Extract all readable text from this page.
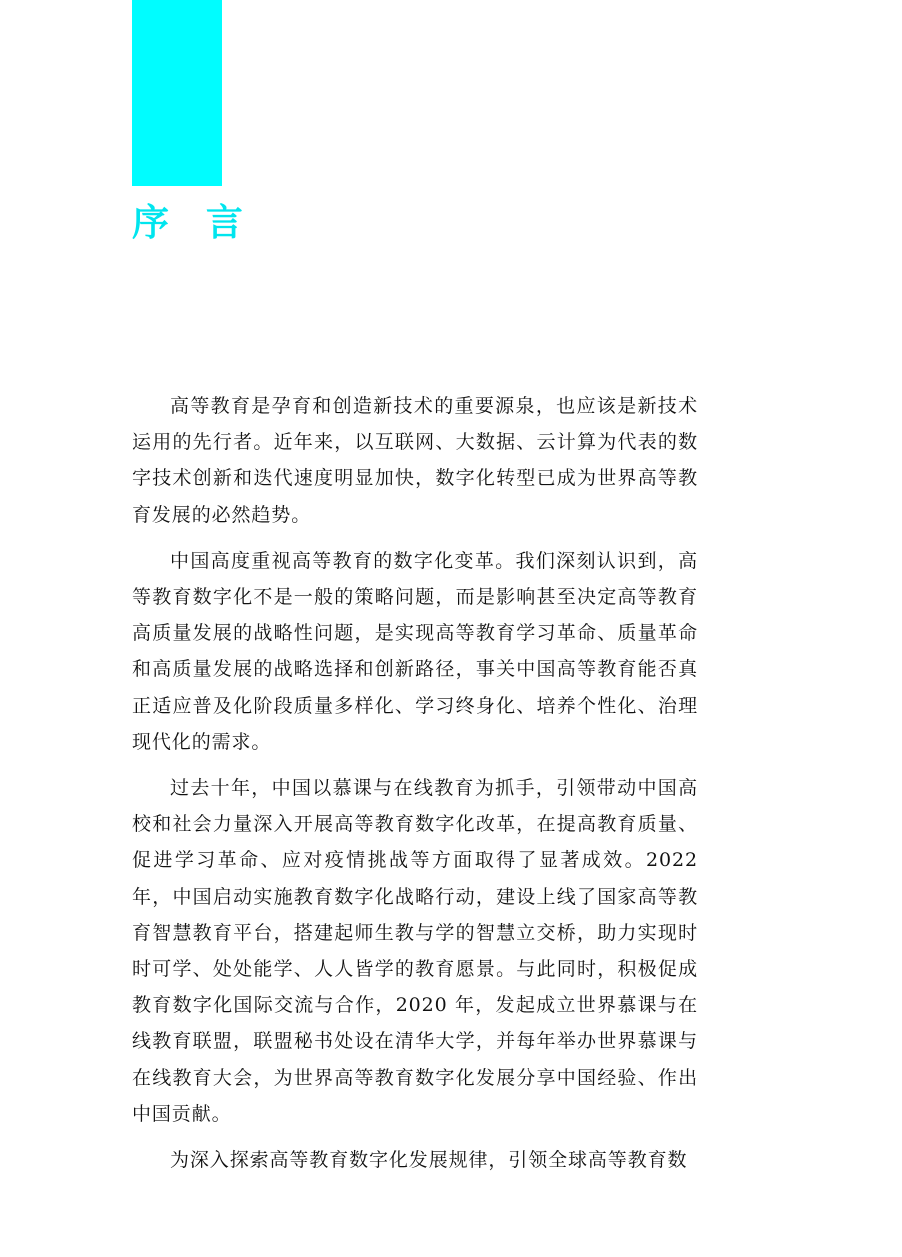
序 言

高等教育是孕育和创造新技术的重要源泉，也应该是新技术运用的先行者。近年来，以互联网、大数据、云计算为代表的数字技术创新和迭代速度明显加快，数字化转型已成为世界高等教育发展的必然趋势。

中国高度重视高等教育的数字化变革。我们深刻认识到，高等教育数字化不是一般的策略问题，而是影响甚至决定高等教育高质量发展的战略性问题，是实现高等教育学习革命、质量革命和高质量发展的战略选择和创新路径，事关中国高等教育能否真正适应普及化阶段质量多样化、学习终身化、培养个性化、治理现代化的需求。

过去十年，中国以慕课与在线教育为抓手，引领带动中国高校和社会力量深入开展高等教育数字化改革，在提高教育质量、促进学习革命、应对疫情挑战等方面取得了显著成效。2022 年，中国启动实施教育数字化战略行动，建设上线了国家高等教育智慧教育平台，搭建起师生教与学的智慧立交桥，助力实现时时可学、处处能学、人人皆学的教育愿景。与此同时，积极促成教育数字化国际交流与合作，2020 年，发起成立世界慕课与在线教育联盟，联盟秘书处设在清华大学，并每年举办世界慕课与在线教育大会，为世界高等教育数字化发展分享中国经验、作出中国贡献。

为深入探索高等教育数字化发展规律，引领全球高等教育数
